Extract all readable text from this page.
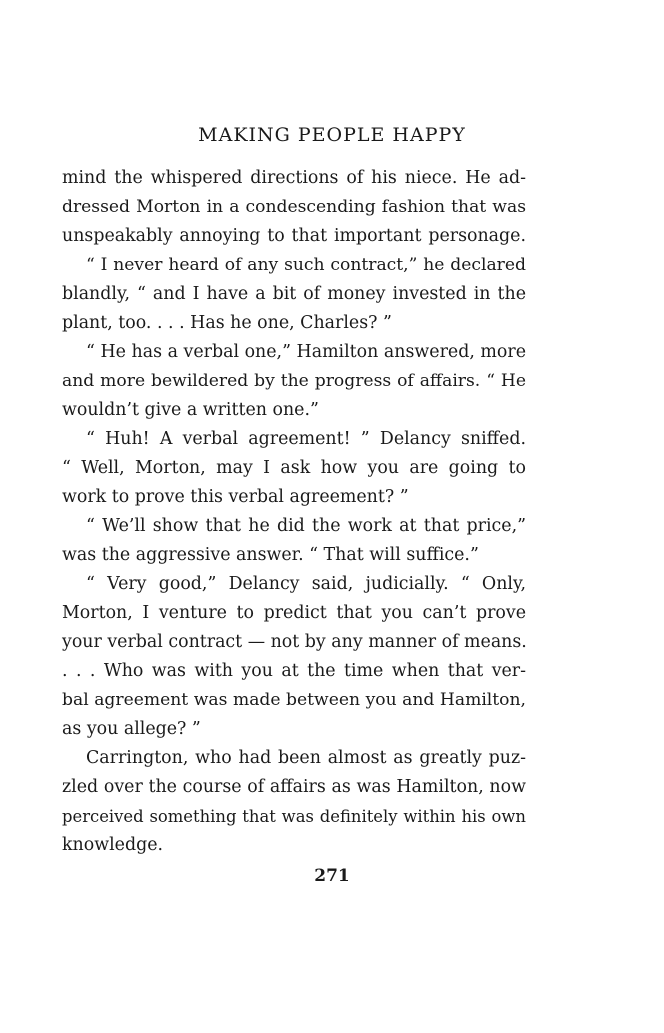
MAKING PEOPLE HAPPY
mind the whispered directions of his niece. He ad-
dressed Morton in a condescending fashion that was
unspeakably annoying to that important personage.
“ I never heard of any such contract,” he declared
blandly, “ and I have a bit of money invested in the
plant, too. . . . Has he one, Charles? ”
“ He has a verbal one,” Hamilton answered, more
and more bewildered by the progress of affairs. “ He
wouldn’t give a written one.”
“ Huh! A verbal agreement! ” Delancy sniffed.
“ Well, Morton, may I ask how you are going to
work to prove this verbal agreement? ”
“ We’ll show that he did the work at that price,”
was the aggressive answer. “ That will suffice.”
“ Very good,” Delancy said, judicially. “ Only,
Morton, I venture to predict that you can’t prove
your verbal contract — not by any manner of means.
. . . Who was with you at the time when that ver-
bal agreement was made between you and Hamilton,
as you allege? ”
Carrington, who had been almost as greatly puz-
zled over the course of affairs as was Hamilton, now
perceived something that was definitely within his own
knowledge.
271
